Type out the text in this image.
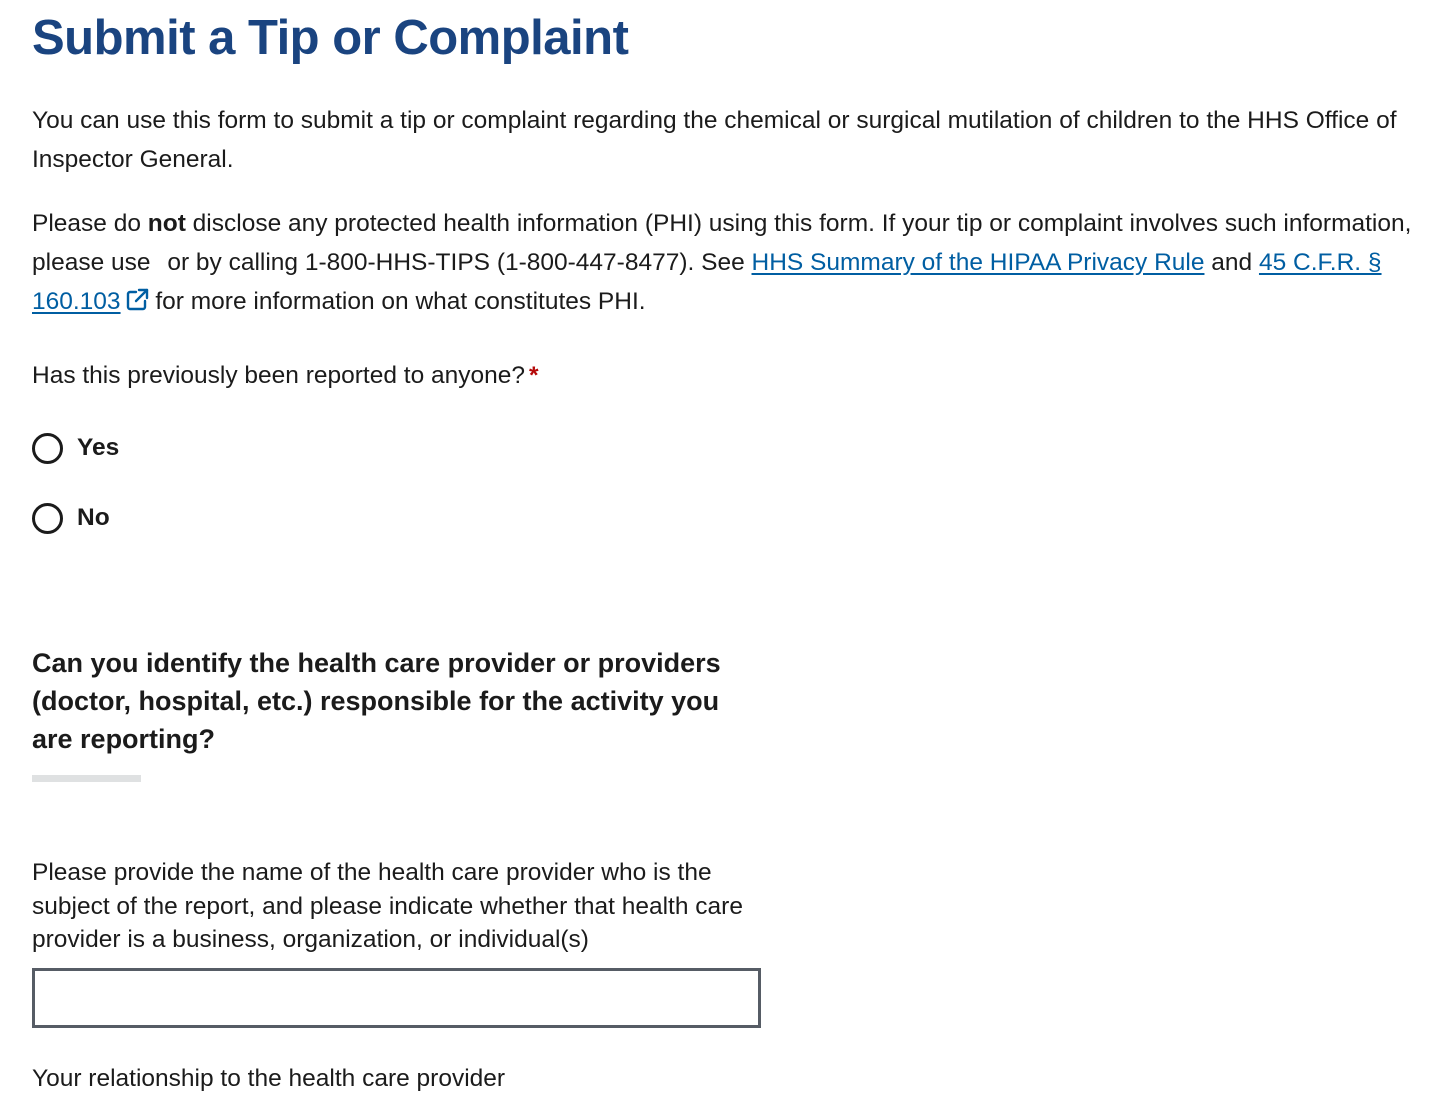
Submit a Tip or Complaint

You can use this form to submit a tip or complaint regarding the chemical or surgical mutilation of children to the HHS Office of Inspector General.

Please do not disclose any protected health information (PHI) using this form. If your tip or complaint involves such information, please use or by calling 1-800-HHS-TIPS (1-800-447-8477). See HHS Summary of the HIPAA Privacy Rule and 45 C.F.R. § 160.103 for more information on what constitutes PHI.

Has this previously been reported to anyone? *

Yes
No
Can you identify the health care provider or providers (doctor, hospital, etc.) responsible for the activity you are reporting?

Please provide the name of the health care provider who is the subject of the report, and please indicate whether that health care provider is a business, organization, or individual(s)

Your relationship to the health care provider
